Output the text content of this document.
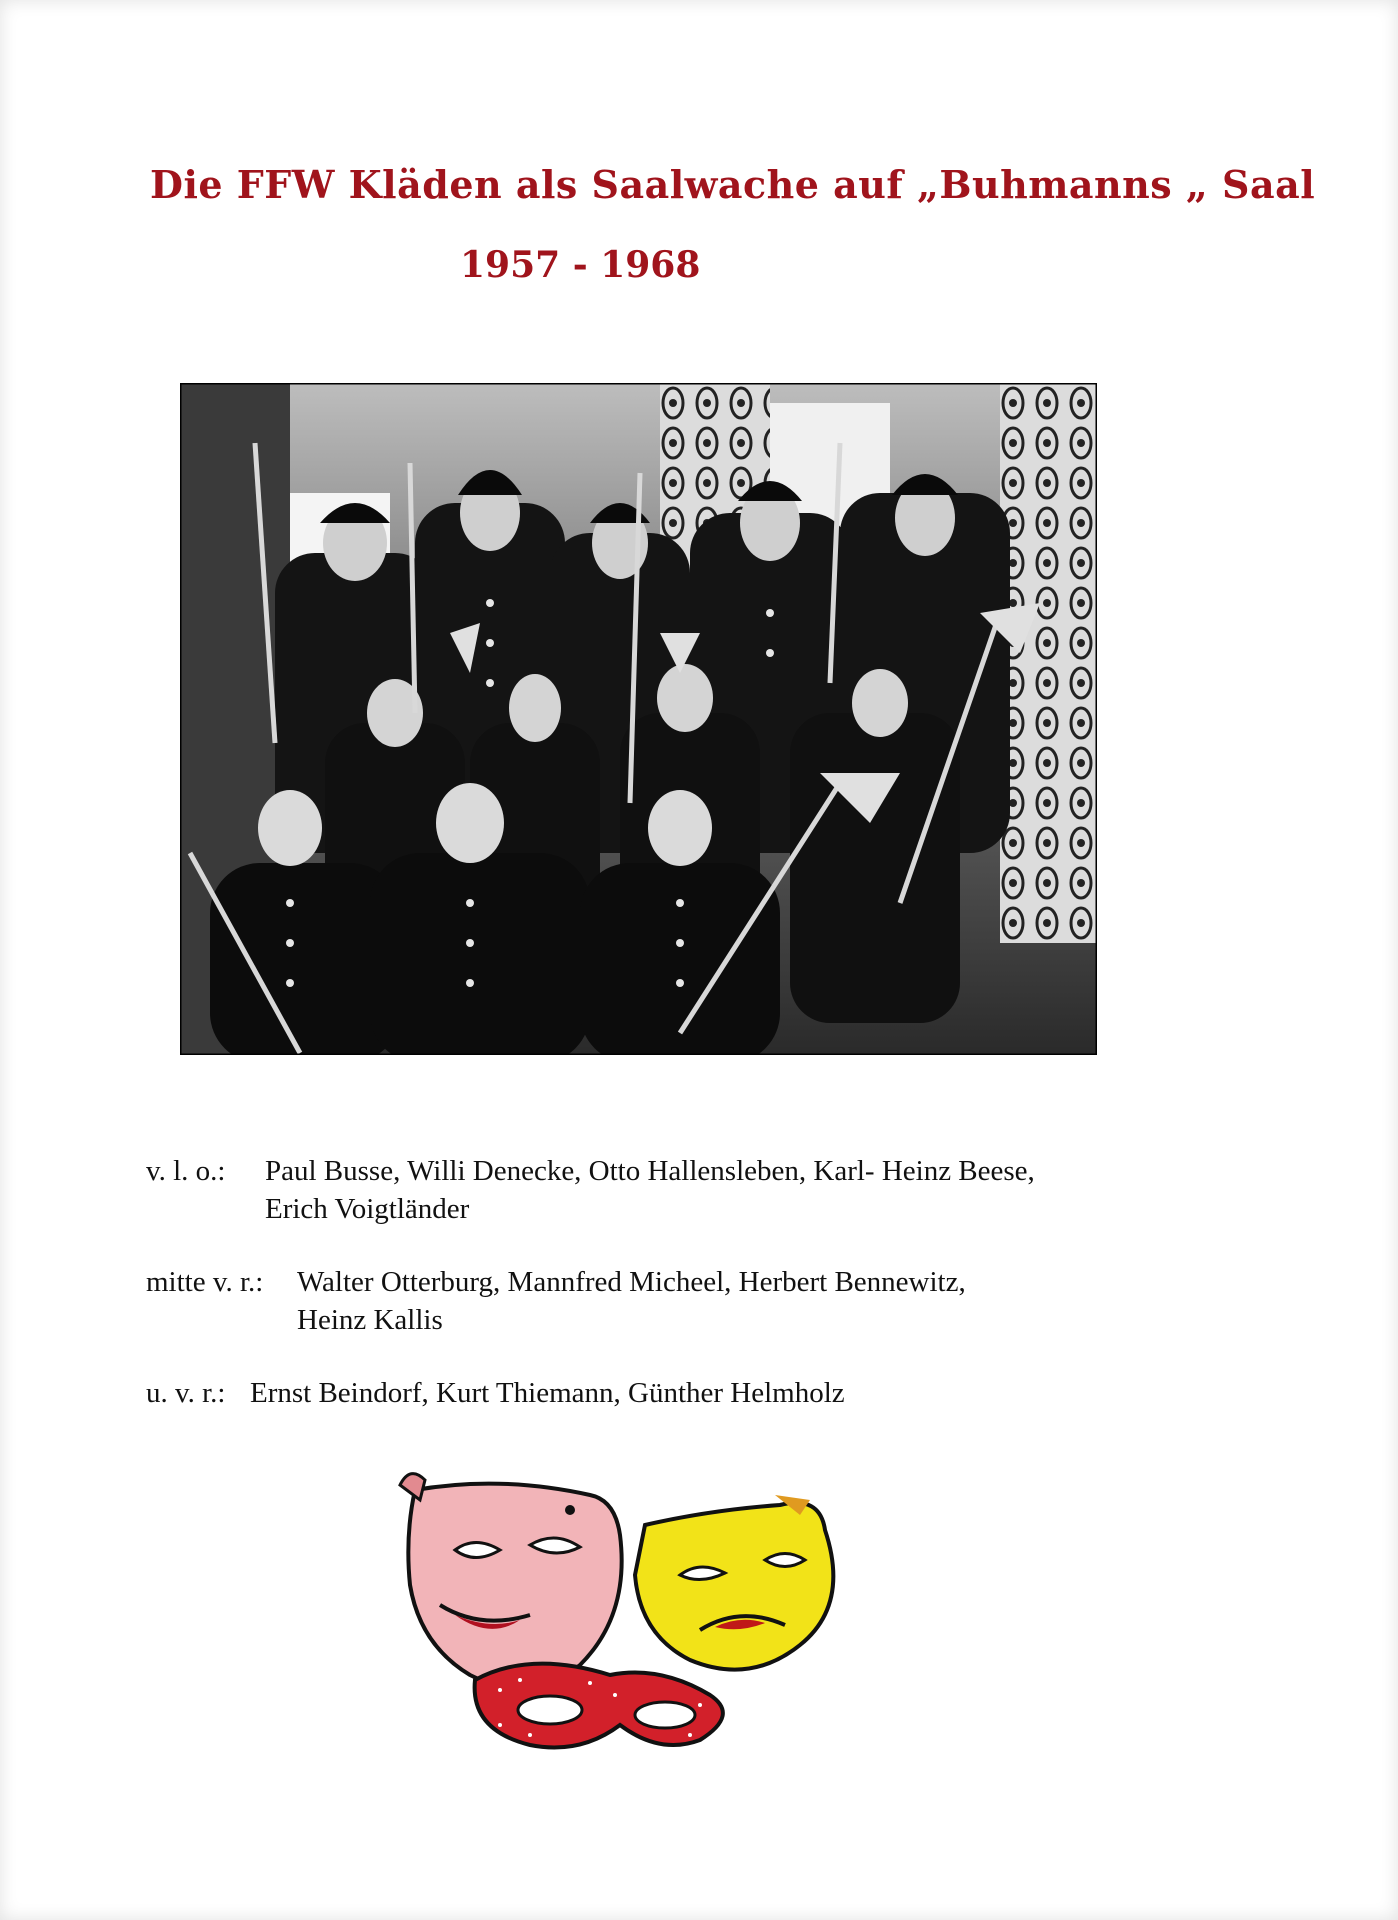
Die FFW Kläden als Saalwache auf „Buhmanns „ Saal
1957 - 1968
v. l. o.: Paul Busse, Willi Denecke, Otto Hallensleben, Karl- Heinz Beese,
Erich Voigtländer
mitte v. r.: Walter Otterburg, Mannfred Micheel, Herbert Bennewitz,
Heinz Kallis
u. v. r.: Ernst Beindorf, Kurt Thiemann, Günther Helmholz
